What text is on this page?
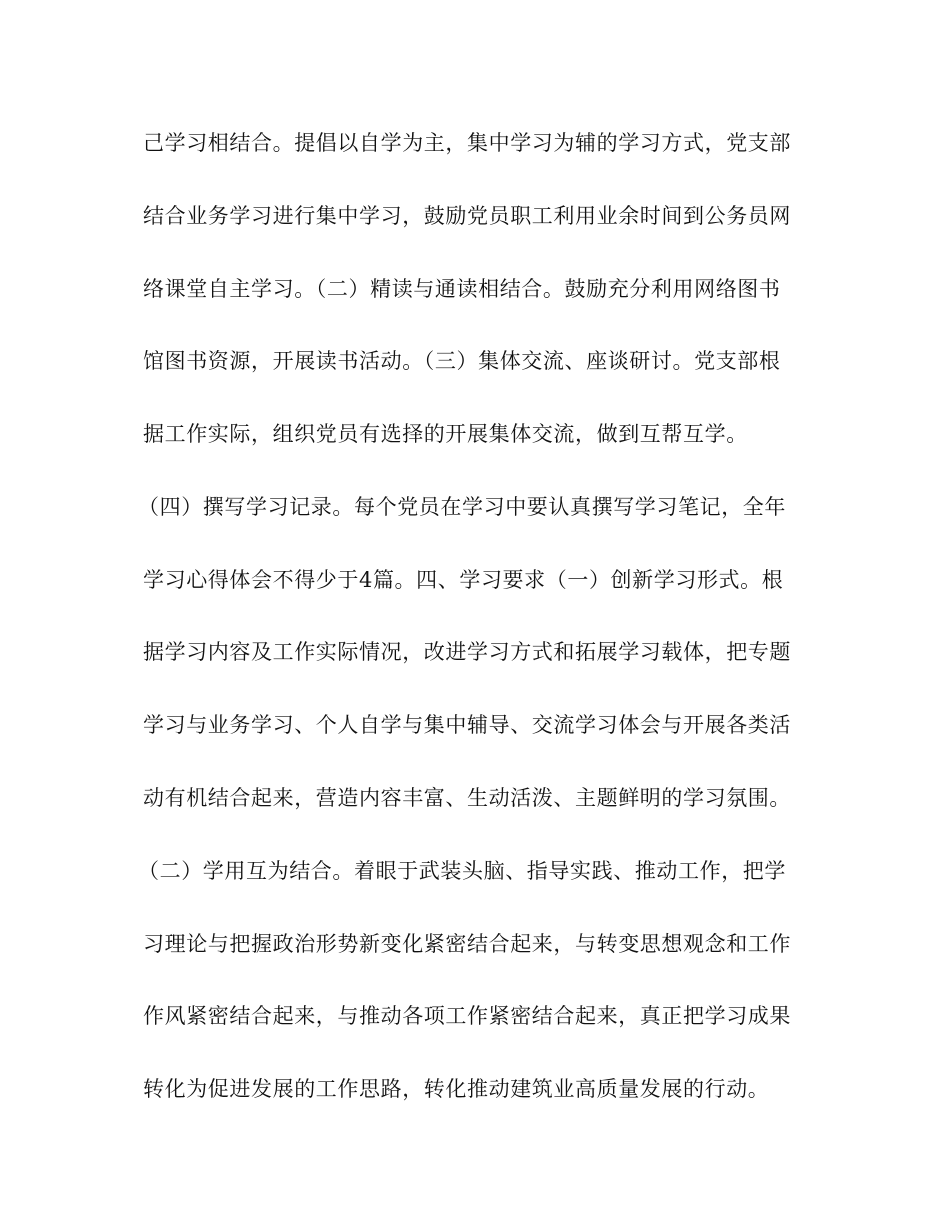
己学习相结合。提倡以自学为主，集中学习为辅的学习方式，党支部
结合业务学习进行集中学习，鼓励党员职工利用业余时间到公务员网
络课堂自主学习。（二）精读与通读相结合。鼓励充分利用网络图书
馆图书资源，开展读书活动。（三）集体交流、座谈研讨。党支部根
据工作实际，组织党员有选择的开展集体交流，做到互帮互学。
（四）撰写学习记录。每个党员在学习中要认真撰写学习笔记，全年
学习心得体会不得少于4篇。四、学习要求（一）创新学习形式。根
据学习内容及工作实际情况，改进学习方式和拓展学习载体，把专题
学习与业务学习、个人自学与集中辅导、交流学习体会与开展各类活
动有机结合起来，营造内容丰富、生动活泼、主题鲜明的学习氛围。
（二）学用互为结合。着眼于武装头脑、指导实践、推动工作，把学
习理论与把握政治形势新变化紧密结合起来，与转变思想观念和工作
作风紧密结合起来，与推动各项工作紧密结合起来，真正把学习成果
转化为促进发展的工作思路，转化推动建筑业高质量发展的行动。
